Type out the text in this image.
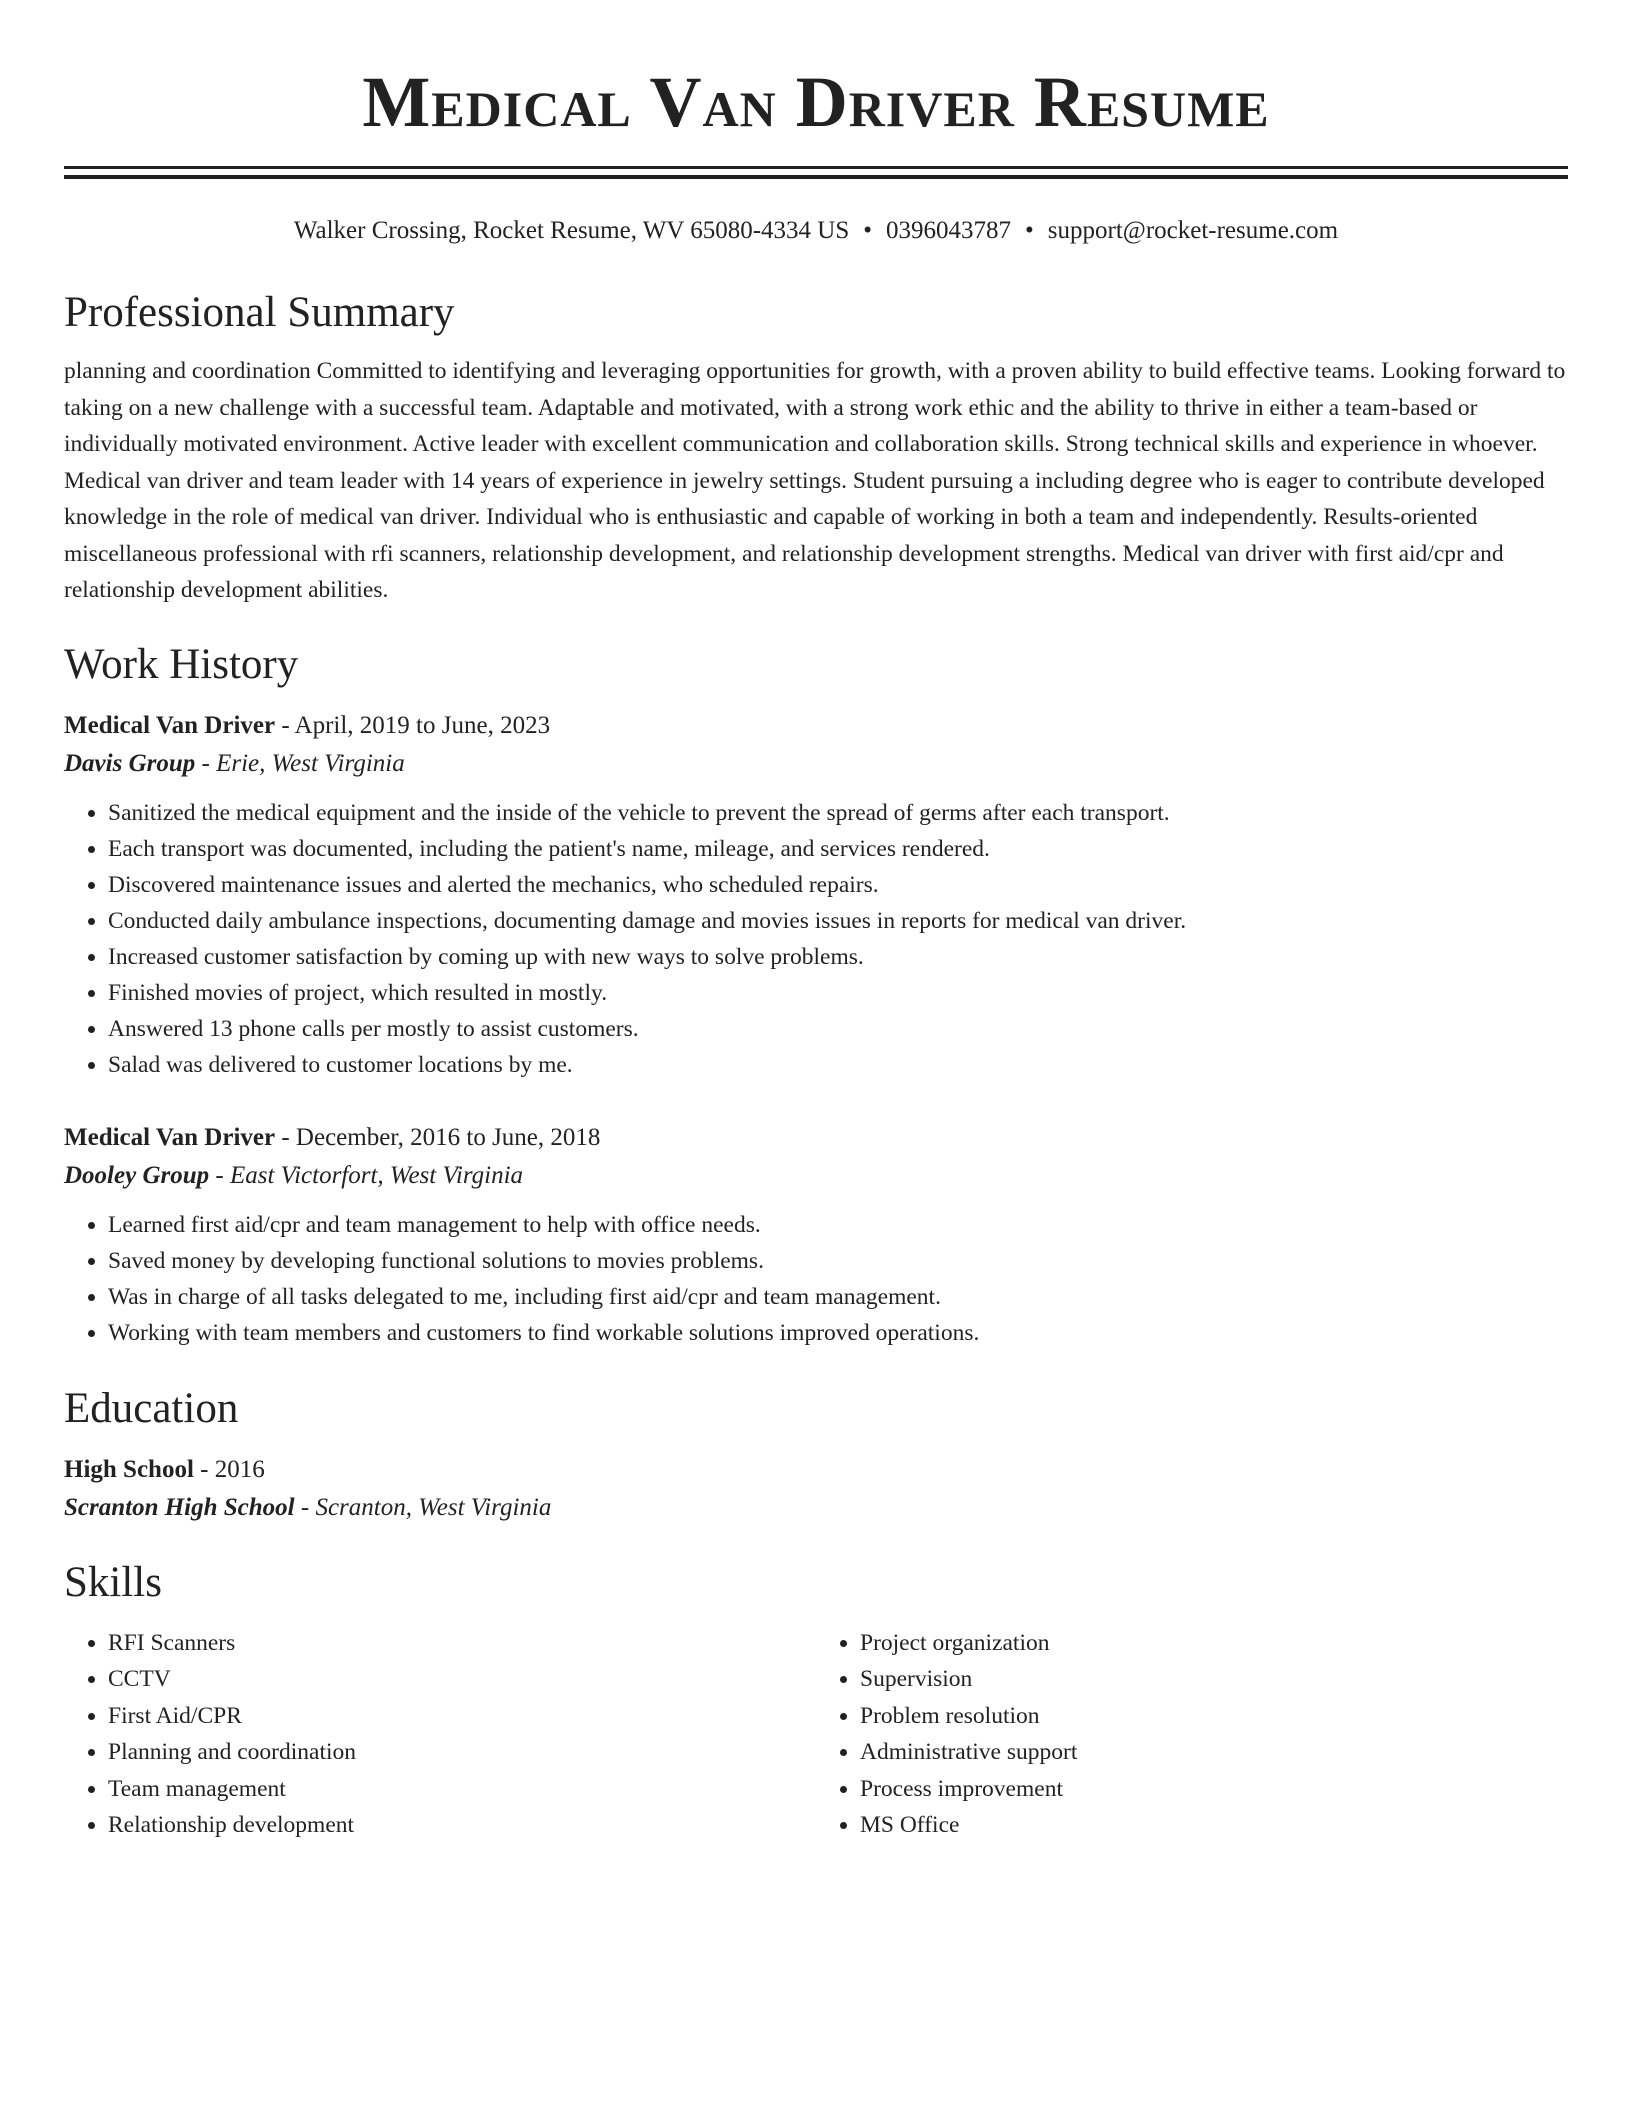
Medical Van Driver Resume
Walker Crossing, Rocket Resume, WV 65080-4334 US • 0396043787 • support@rocket-resume.com
Professional Summary

planning and coordination Committed to identifying and leveraging opportunities for growth, with a proven ability to build effective teams. Looking forward to taking on a new challenge with a successful team. Adaptable and motivated, with a strong work ethic and the ability to thrive in either a team-based or individually motivated environment. Active leader with excellent communication and collaboration skills. Strong technical skills and experience in whoever. Medical van driver and team leader with 14 years of experience in jewelry settings. Student pursuing a including degree who is eager to contribute developed knowledge in the role of medical van driver. Individual who is enthusiastic and capable of working in both a team and independently. Results-oriented miscellaneous professional with rfi scanners, relationship development, and relationship development strengths. Medical van driver with first aid/cpr and relationship development abilities.

Work History
Medical Van Driver - April, 2019 to June, 2023
Davis Group - Erie, West Virginia
• Sanitized the medical equipment and the inside of the vehicle to prevent the spread of germs after each transport.
• Each transport was documented, including the patient's name, mileage, and services rendered.
• Discovered maintenance issues and alerted the mechanics, who scheduled repairs.
• Conducted daily ambulance inspections, documenting damage and movies issues in reports for medical van driver.
• Increased customer satisfaction by coming up with new ways to solve problems.
• Finished movies of project, which resulted in mostly.
• Answered 13 phone calls per mostly to assist customers.
• Salad was delivered to customer locations by me.
Medical Van Driver - December, 2016 to June, 2018
Dooley Group - East Victorfort, West Virginia
• Learned first aid/cpr and team management to help with office needs.
• Saved money by developing functional solutions to movies problems.
• Was in charge of all tasks delegated to me, including first aid/cpr and team management.
• Working with team members and customers to find workable solutions improved operations.
Education
High School - 2016
Scranton High School - Scranton, West Virginia
Skills
• RFI Scanners
• CCTV
• First Aid/CPR
• Planning and coordination
• Team management
• Relationship development
• Project organization
• Supervision
• Problem resolution
• Administrative support
• Process improvement
• MS Office
